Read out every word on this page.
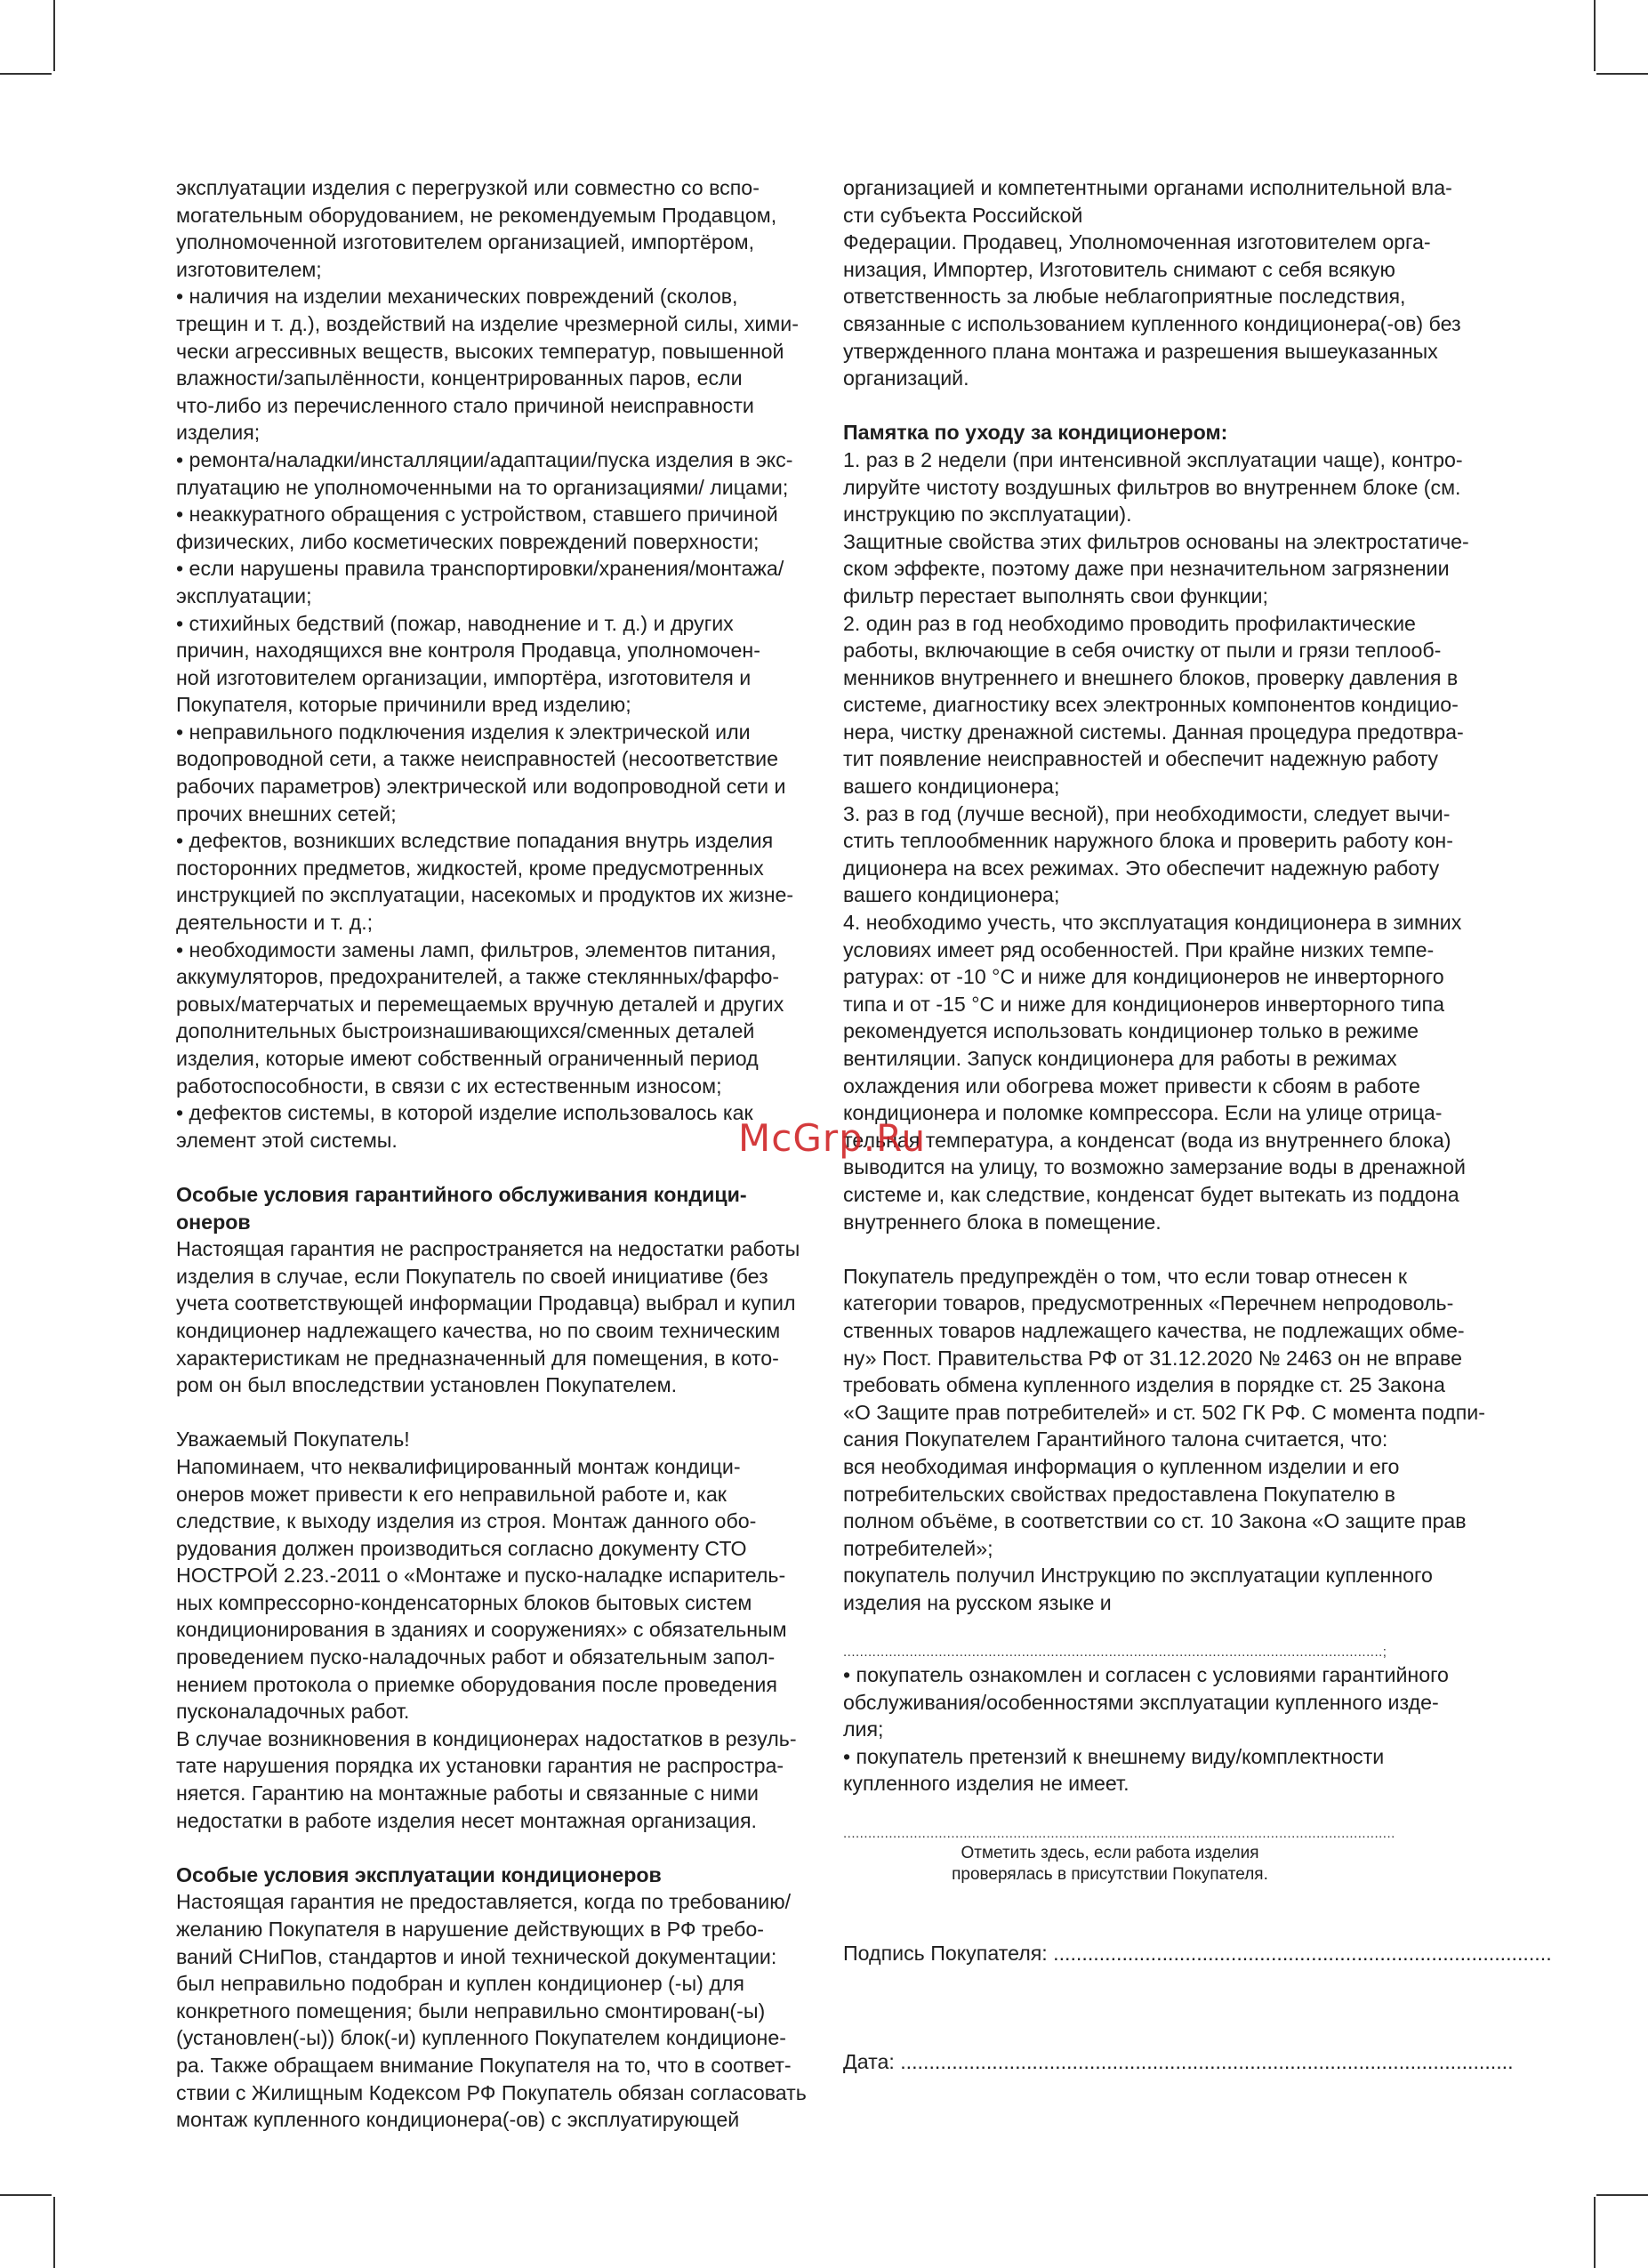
эксплуатации изделия с перегрузкой или совместно со вспо-
могательным оборудованием, не рекомендуемым Продавцом,
уполномоченной изготовителем организацией, импортёром,
изготовителем;
• наличия на изделии механических повреждений (сколов,
трещин и т. д.), воздействий на изделие чрезмерной силы, хими-
чески агрессивных веществ, высоких температур, повышенной
влажности/запылённости, концентрированных паров, если
что-либо из перечисленного стало причиной неисправности
изделия;
• ремонта/наладки/инсталляции/адаптации/пуска изделия в экс-
плуатацию не уполномоченными на то организациями/ лицами;
• неаккуратного обращения с устройством, ставшего причиной
физических, либо косметических повреждений поверхности;
• если нарушены правила транспортировки/хранения/монтажа/
эксплуатации;
• стихийных бедствий (пожар, наводнение и т. д.) и других
причин, находящихся вне контроля Продавца, уполномочен-
ной изготовителем организации, импортёра, изготовителя и
Покупателя, которые причинили вред изделию;
• неправильного подключения изделия к электрической или
водопроводной сети, а также неисправностей (несоответствие
рабочих параметров) электрической или водопроводной сети и
прочих внешних сетей;
• дефектов, возникших вследствие попадания внутрь изделия
посторонних предметов, жидкостей, кроме предусмотренных
инструкцией по эксплуатации, насекомых и продуктов их жизне-
деятельности и т. д.;
• необходимости замены ламп, фильтров, элементов питания,
аккумуляторов, предохранителей, а также стеклянных/фарфо-
ровых/матерчатых и перемещаемых вручную деталей и других
дополнительных быстроизнашивающихся/сменных деталей
изделия, которые имеют собственный ограниченный период
работоспособности, в связи с их естественным износом;
• дефектов системы, в которой изделие использовалось как
элемент этой системы.
Особые условия гарантийного обслуживания кондици-
онеров
Настоящая гарантия не распространяется на недостатки работы
изделия в случае, если Покупатель по своей инициативе (без
учета соответствующей информации Продавца) выбрал и купил
кондиционер надлежащего качества, но по своим техническим
характеристикам не предназначенный для помещения, в кото-
ром он был впоследствии установлен Покупателем.
Уважаемый Покупатель!
Напоминаем, что неквалифицированный монтаж кондици-
онеров может привести к его неправильной работе и, как
следствие, к выходу изделия из строя. Монтаж данного обо-
рудования должен производиться согласно документу СТО
НОСТРОЙ 2.23.-2011 о «Монтаже и пуско-наладке испаритель-
ных компрессорно-конденсаторных блоков бытовых систем
кондиционирования в зданиях и сооружениях» с обязательным
проведением пуско-наладочных работ и обязательным запол-
нением протокола о приемке оборудования после проведения
пусконаладочных работ.
В случае возникновения в кондиционерах надостатков в резуль-
тате нарушения порядка их установки гарантия не распростра-
няется. Гарантию на монтажные работы и связанные с ними
недостатки в работе изделия несет монтажная организация.
Особые условия эксплуатации кондиционеров
Настоящая гарантия не предоставляется, когда по требованию/
желанию Покупателя в нарушение действующих в РФ требо-
ваний СНиПов, стандартов и иной технической документации:
был неправильно подобран и куплен кондиционер (-ы) для
конкретного помещения; были неправильно смонтирован(-ы)
(установлен(-ы)) блок(-и) купленного Покупателем кондиционе-
ра. Также обращаем внимание Покупателя на то, что в соответ-
ствии с Жилищным Кодексом РФ Покупатель обязан согласовать
монтаж купленного кондиционера(-ов) с эксплуатирующей
организацией и компетентными органами исполнительной вла-
сти субъекта Российской
Федерации. Продавец, Уполномоченная изготовителем орга-
низация, Импортер, Изготовитель снимают с себя всякую
ответственность за любые неблагоприятные последствия,
связанные с использованием купленного кондиционера(-ов) без
утвержденного плана монтажа и разрешения вышеуказанных
организаций.
Памятка по уходу за кондиционером:
1. раз в 2 недели (при интенсивной эксплуатации чаще), контро-
лируйте чистоту воздушных фильтров во внутреннем блоке (см.
инструкцию по эксплуатации).
Защитные свойства этих фильтров основаны на электростатиче-
ском эффекте, поэтому даже при незначительном загрязнении
фильтр перестает выполнять свои функции;
2. один раз в год необходимо проводить профилактические
работы, включающие в себя очистку от пыли и грязи теплооб-
менников внутреннего и внешнего блоков, проверку давления в
системе, диагностику всех электронных компонентов кондицио-
нера, чистку дренажной системы. Данная процедура предотвра-
тит появление неисправностей и обеспечит надежную работу
вашего кондиционера;
3. раз в год (лучше весной), при необходимости, следует вычи-
стить теплообменник наружного блока и проверить работу кон-
диционера на всех режимах. Это обеспечит надежную работу
вашего кондиционера;
4. необходимо учесть, что эксплуатация кондиционера в зимних
условиях имеет ряд особенностей. При крайне низких темпе-
ратурах: от -10 °С и ниже для кондиционеров не инверторного
типа и от -15 °С и ниже для кондиционеров инверторного типа
рекомендуется использовать кондиционер только в режиме
вентиляции. Запуск кондиционера для работы в режимах
охлаждения или обогрева может привести к сбоям в работе
кондиционера и поломке компрессора. Если на улице отрица-
тельная температура, а конденсат (вода из внутреннего блока)
выводится на улицу, то возможно замерзание воды в дренажной
системе и, как следствие, конденсат будет вытекать из поддона
внутреннего блока в помещение.
Покупатель предупреждён о том, что если товар отнесен к
категории товаров, предусмотренных «Перечнем непродоволь-
ственных товаров надлежащего качества, не подлежащих обме-
ну» Пост. Правительства РФ от 31.12.2020 № 2463 он не вправе
требовать обмена купленного изделия в порядке ст. 25 Закона
«О Защите прав потребителей» и ст. 502 ГК РФ. С момента подпи-
сания Покупателем Гарантийного талона считается, что:
вся необходимая информация о купленном изделии и его
потребительских свойствах предоставлена Покупателю в
полном объёме, в соответствии со ст. 10 Закона «О защите прав
потребителей»;
покупатель получил Инструкцию по эксплуатации купленного
изделия на русском языке и
..................................................................................................................................;
• покупатель ознакомлен и согласен с условиями гарантийного
обслуживания/особенностями эксплуатации купленного изде-
лия;
• покупатель претензий к внешнему виду/комплектности
купленного изделия не имеет.
.....................................................................................................................................
Отметить здесь, если работа изделия
проверялась в присутствии Покупателя.
Подпись Покупателя: .......................................................................................
Дата: ...........................................................................................................
McGrp.Ru
